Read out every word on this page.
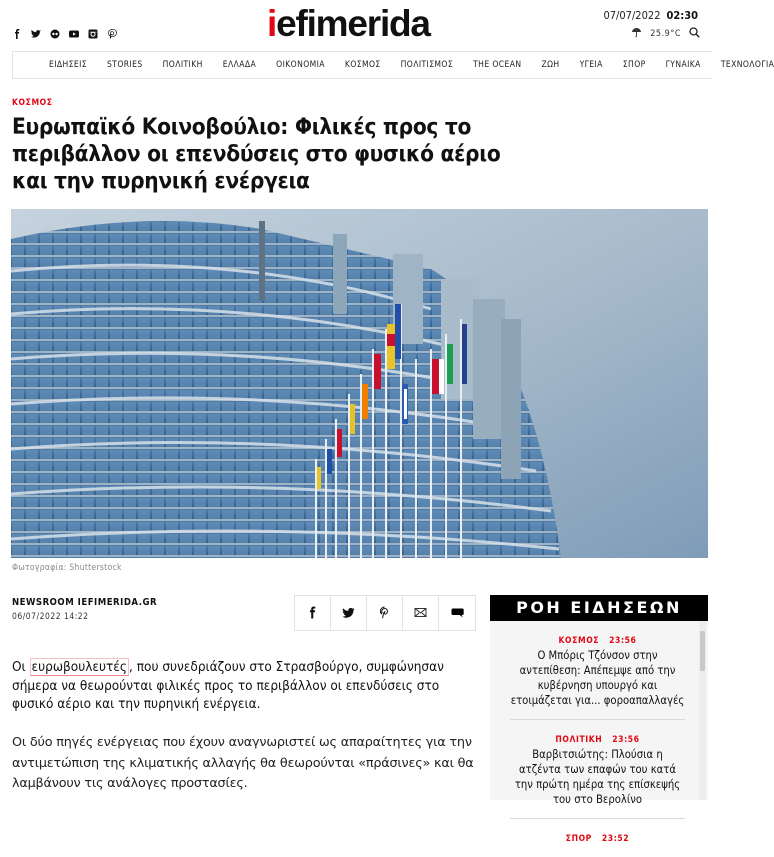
iefimerida	07/07/2022 02:30
25.9°C
ΕΙΔΗΣΕΙΣ STORIES ΠΟΛΙΤΙΚΗ ΕΛΛΑΔΑ ΟΙΚΟΝΟΜΙΑ ΚΟΣΜΟΣ ΠΟΛΙΤΙΣΜΟΣ THE OCEAN ΖΩΗ ΥΓΕΙΑ ΣΠΟΡ ΓΥΝΑΙΚΑ ΤΕΧΝΟΛΟΓΙΑ
ΚΟΣΜΟΣ
Ευρωπαϊκό Κοινοβούλιο: Φιλικές προς το περιβάλλον οι επενδύσεις στο φυσικό αέριο και την πυρηνική ενέργεια
Φωτογραφία: Shutterstock
NEWSROOM IEFIMERIDA.GR
06/07/2022 14:22

Οι ευρωβουλευτές , που συνεδριάζουν στο Στρασβούργο, συμφώνησαν σήμερα να θεωρούνται φιλικές προς το περιβάλλον οι επενδύσεις στο φυσικό αέριο και την πυρηνική ενέργεια.

Οι δύο πηγές ενέργειας που έχουν αναγνωριστεί ως απαραίτητες για την αντιμετώπιση της κλιματικής αλλαγής θα θεωρούνται «πράσινες» και θα λαμβάνουν τις ανάλογες προστασίες.

ΡΟΗ ΕΙΔΗΣΕΩΝ
ΚΟΣΜΟΣ 23:56
Ο Μπόρις Τζόνσον στην αντεπίθεση: Απέπεμψε από την κυβέρνηση υπουργό και ετοιμάζεται για... φοροαπαλλαγές
ΠΟΛΙΤΙΚΗ 23:56
Βαρβιτσιώτης: Πλούσια η ατζέντα των επαφών του κατά την πρώτη ημέρα της επίσκεψής του στο Βερολίνο
ΣΠΟΡ 23:52
